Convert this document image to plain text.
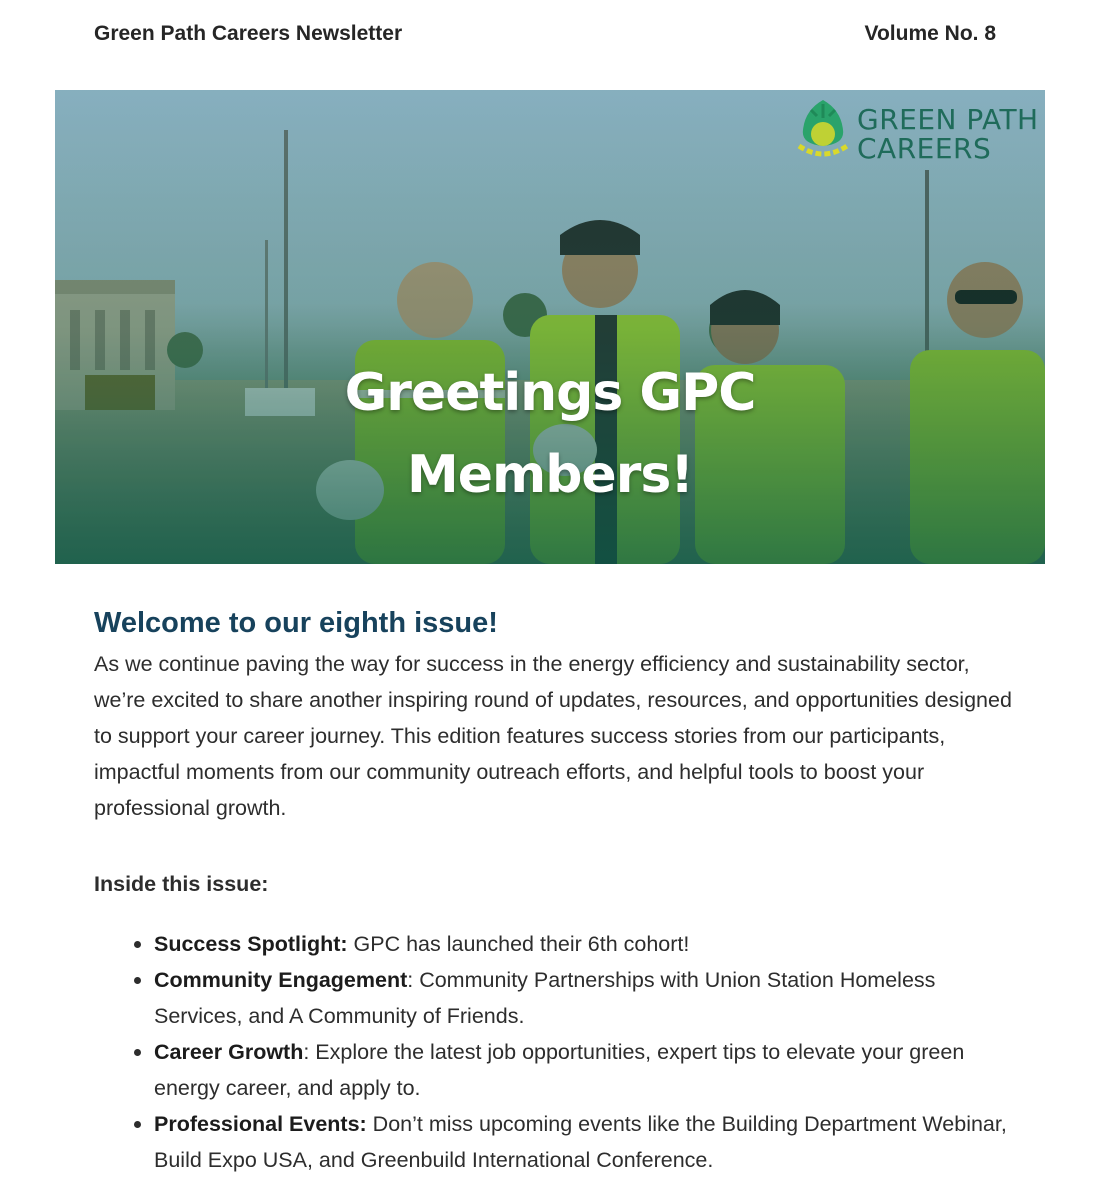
Green Path Careers Newsletter	Volume No. 8
Greetings GPC
Members!
GREEN PATH
CAREERS
Welcome to our eighth issue!

As we continue paving the way for success in the energy efficiency and sustainability sector, we’re excited to share another inspiring round of updates, resources, and opportunities designed to support your career journey. This edition features success stories from our participants, impactful moments from our community outreach efforts, and helpful tools to boost your professional growth.

Inside this issue:

Success Spotlight: GPC has launched their 6th cohort!
Community Engagement: Community Partnerships with Union Station Homeless Services, and A Community of Friends.
Career Growth: Explore the latest job opportunities, expert tips to elevate your green energy career, and apply to.
Professional Events: Don’t miss upcoming events like the Building Department Webinar, Build Expo USA, and Greenbuild International Conference.
